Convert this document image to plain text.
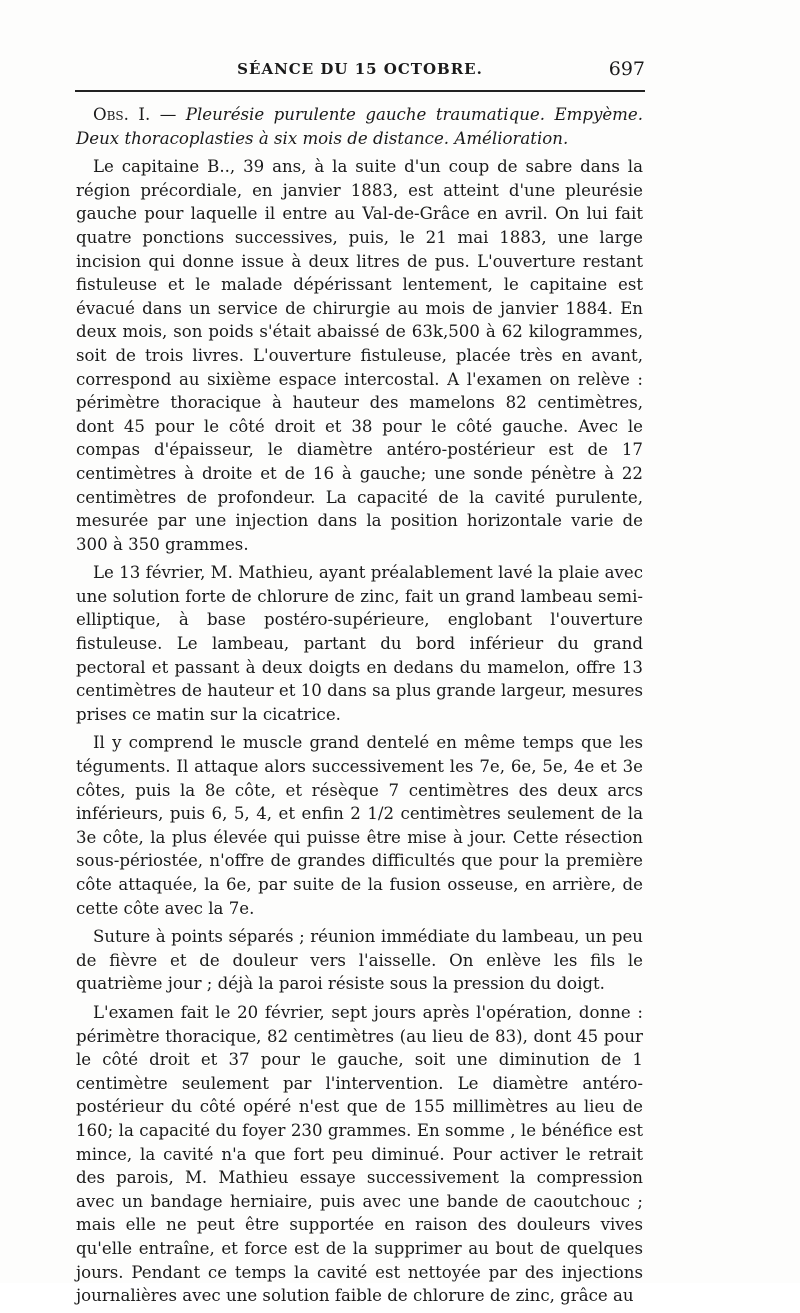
SÉANCE DU 15 OCTOBRE.	697

Obs. I. — Pleurésie purulente gauche traumatique. Empyème. Deux thoracoplasties à six mois de distance. Amélioration.

Le capitaine B.., 39 ans, à la suite d'un coup de sabre dans la région précordiale, en janvier 1883, est atteint d'une pleurésie gauche pour laquelle il entre au Val-de-Grâce en avril. On lui fait quatre ponctions successives, puis, le 21 mai 1883, une large incision qui donne issue à deux litres de pus. L'ouverture restant fistuleuse et le malade dépérissant lentement, le capitaine est évacué dans un service de chirurgie au mois de janvier 1884. En deux mois, son poids s'était abaissé de 63k,500 à 62 kilogrammes, soit de trois livres. L'ouverture fistuleuse, placée très en avant, correspond au sixième espace intercostal. A l'examen on relève : périmètre thoracique à hauteur des mamelons 82 centimètres, dont 45 pour le côté droit et 38 pour le côté gauche. Avec le compas d'épaisseur, le diamètre antéro-postérieur est de 17 centimètres à droite et de 16 à gauche; une sonde pénètre à 22 centimètres de profondeur. La capacité de la cavité purulente, mesurée par une injection dans la position horizontale varie de 300 à 350 grammes.

Le 13 février, M. Mathieu, ayant préalablement lavé la plaie avec une solution forte de chlorure de zinc, fait un grand lambeau semi-elliptique, à base postéro-supérieure, englobant l'ouverture fistuleuse. Le lambeau, partant du bord inférieur du grand pectoral et passant à deux doigts en dedans du mamelon, offre 13 centimètres de hauteur et 10 dans sa plus grande largeur, mesures prises ce matin sur la cicatrice.

Il y comprend le muscle grand dentelé en même temps que les téguments. Il attaque alors successivement les 7e, 6e, 5e, 4e et 3e côtes, puis la 8e côte, et résèque 7 centimètres des deux arcs inférieurs, puis 6, 5, 4, et enfin 2 1/2 centimètres seulement de la 3e côte, la plus élevée qui puisse être mise à jour. Cette résection sous-périostée, n'offre de grandes difficultés que pour la première côte attaquée, la 6e, par suite de la fusion osseuse, en arrière, de cette côte avec la 7e.

Suture à points séparés ; réunion immédiate du lambeau, un peu de fièvre et de douleur vers l'aisselle. On enlève les fils le quatrième jour ; déjà la paroi résiste sous la pression du doigt.

L'examen fait le 20 février, sept jours après l'opération, donne : périmètre thoracique, 82 centimètres (au lieu de 83), dont 45 pour le côté droit et 37 pour le gauche, soit une diminution de 1 centimètre seulement par l'intervention. Le diamètre antéro-postérieur du côté opéré n'est que de 155 millimètres au lieu de 160; la capacité du foyer 230 grammes. En somme , le bénéfice est mince, la cavité n'a que fort peu diminué. Pour activer le retrait des parois, M. Mathieu essaye successivement la compression avec un bandage herniaire, puis avec une bande de caoutchouc ; mais elle ne peut être supportée en raison des douleurs vives qu'elle entraîne, et force est de la supprimer au bout de quelques jours. Pendant ce temps la cavité est nettoyée par des injections journalières avec une solution faible de chlorure de zinc, grâce au
